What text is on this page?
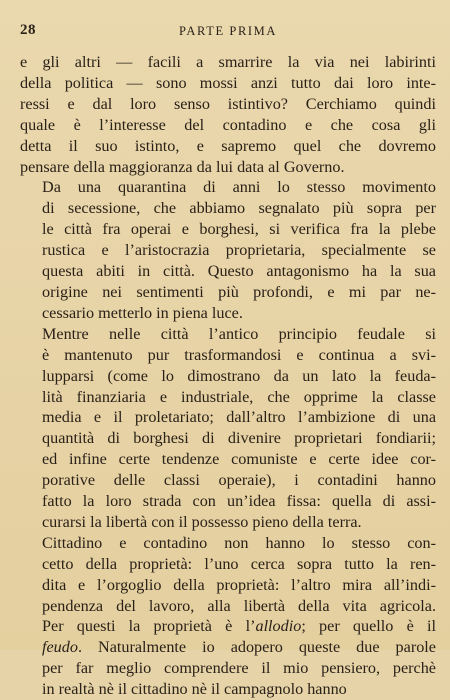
28	PARTE PRIMA

e gli altri — facili a smarrire la via nei labirinti
della politica — sono mossi anzi tutto dai loro inte-
ressi e dal loro senso istintivo? Cerchiamo quindi
quale è l’interesse del contadino e che cosa gli
detta il suo istinto, e sapremo quel che dovremo
pensare della maggioranza da lui data al Governo.

Da una quarantina di anni lo stesso movimento
di secessione, che abbiamo segnalato più sopra per
le città fra operai e borghesi, si verifica fra la plebe
rustica e l’aristocrazia proprietaria, specialmente se
questa abiti in città. Questo antagonismo ha la sua
origine nei sentimenti più profondi, e mi par ne-
cessario metterlo in piena luce.

Mentre nelle città l’antico principio feudale si
è mantenuto pur trasformandosi e continua a svi-
lupparsi (come lo dimostrano da un lato la feuda-
lità finanziaria e industriale, che opprime la classe
media e il proletariato; dall’altro l’ambizione di una
quantità di borghesi di divenire proprietari fondiarii;
ed infine certe tendenze comuniste e certe idee cor-
porative delle classi operaie), i contadini hanno
fatto la loro strada con un’idea fissa: quella di assi-
curarsi la libertà con il possesso pieno della terra.

Cittadino e contadino non hanno lo stesso con-
cetto della proprietà: l’uno cerca sopra tutto la ren-
dita e l’orgoglio della proprietà: l’altro mira all’indi-
pendenza del lavoro, alla libertà della vita agricola.
Per questi la proprietà è l’allodio; per quello è il
feudo. Naturalmente io adopero queste due parole
per far meglio comprendere il mio pensiero, perchè
in realtà nè il cittadino nè il campagnolo hanno
